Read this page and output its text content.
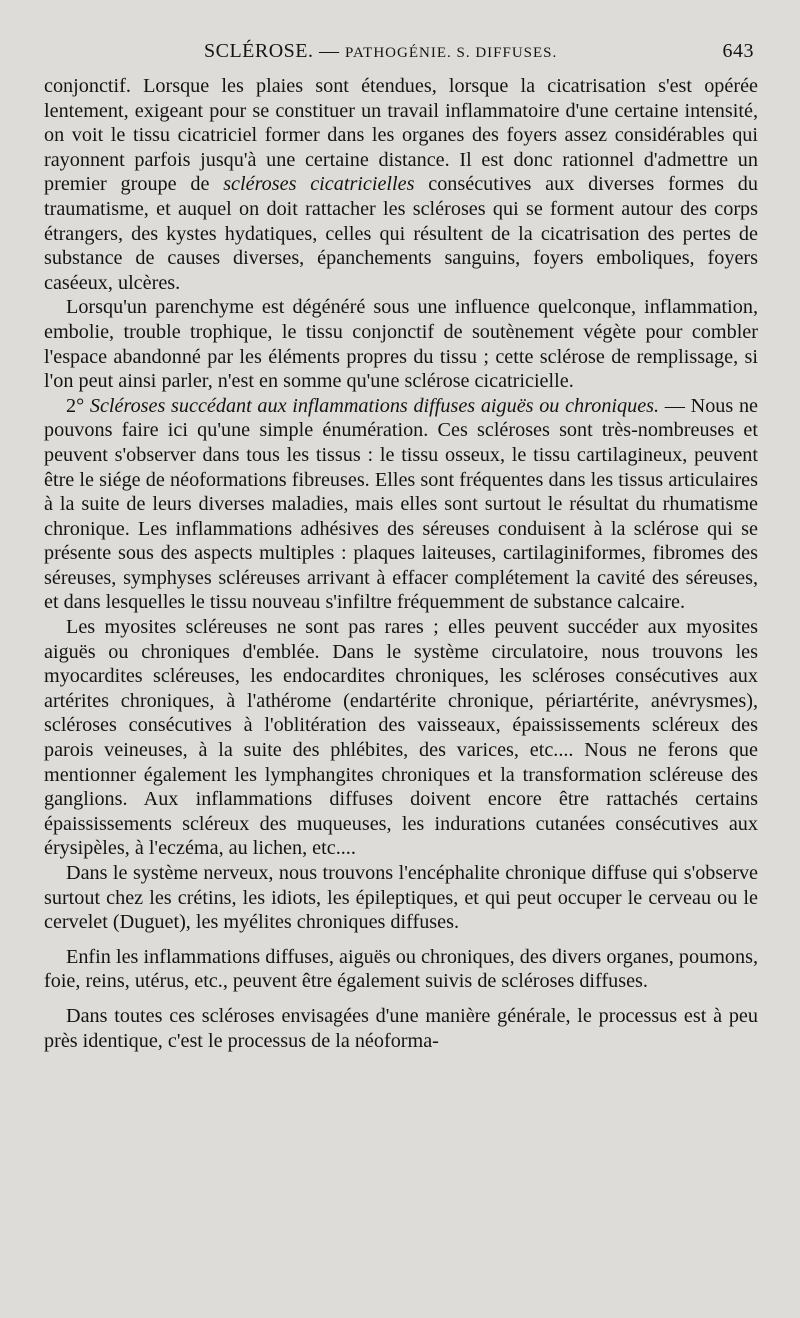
SCLÉROSE. — PATHOGÉNIE. S. DIFFUSES.	643

conjonctif. Lorsque les plaies sont étendues, lorsque la cicatrisation s'est opérée lentement, exigeant pour se constituer un travail inflammatoire d'une certaine intensité, on voit le tissu cicatriciel former dans les organes des foyers assez considérables qui rayonnent parfois jusqu'à une certaine distance. Il est donc rationnel d'admettre un premier groupe de scléroses cicatricielles consécutives aux diverses formes du traumatisme, et auquel on doit rattacher les scléroses qui se forment autour des corps étrangers, des kystes hydatiques, celles qui résultent de la cicatrisation des pertes de substance de causes diverses, épanchements sanguins, foyers emboliques, foyers caséeux, ulcères.

Lorsqu'un parenchyme est dégénéré sous une influence quelconque, inflammation, embolie, trouble trophique, le tissu conjonctif de soutènement végète pour combler l'espace abandonné par les éléments propres du tissu ; cette sclérose de remplissage, si l'on peut ainsi parler, n'est en somme qu'une sclérose cicatricielle.

2° Scléroses succédant aux inflammations diffuses aiguës ou chroniques. — Nous ne pouvons faire ici qu'une simple énumération. Ces scléroses sont très-nombreuses et peuvent s'observer dans tous les tissus : le tissu osseux, le tissu cartilagineux, peuvent être le siége de néoformations fibreuses. Elles sont fréquentes dans les tissus articulaires à la suite de leurs diverses maladies, mais elles sont surtout le résultat du rhumatisme chronique. Les inflammations adhésives des séreuses conduisent à la sclérose qui se présente sous des aspects multiples : plaques laiteuses, cartilaginiformes, fibromes des séreuses, symphyses scléreuses arrivant à effacer complétement la cavité des séreuses, et dans lesquelles le tissu nouveau s'infiltre fréquemment de substance calcaire.

Les myosites scléreuses ne sont pas rares ; elles peuvent succéder aux myosites aiguës ou chroniques d'emblée. Dans le système circulatoire, nous trouvons les myocardites scléreuses, les endocardites chroniques, les scléroses consécutives aux artérites chroniques, à l'athérome (endartérite chronique, périartérite, anévrysmes), scléroses consécutives à l'oblitération des vaisseaux, épaississements scléreux des parois veineuses, à la suite des phlébites, des varices, etc.... Nous ne ferons que mentionner également les lymphangites chroniques et la transformation scléreuse des ganglions. Aux inflammations diffuses doivent encore être rattachés certains épaississements scléreux des muqueuses, les indurations cutanées consécutives aux érysipèles, à l'eczéma, au lichen, etc....

Dans le système nerveux, nous trouvons l'encéphalite chronique diffuse qui s'observe surtout chez les crétins, les idiots, les épileptiques, et qui peut occuper le cerveau ou le cervelet (Duguet), les myélites chroniques diffuses.

Enfin les inflammations diffuses, aiguës ou chroniques, des divers organes, poumons, foie, reins, utérus, etc., peuvent être également suivis de scléroses diffuses.

Dans toutes ces scléroses envisagées d'une manière générale, le processus est à peu près identique, c'est le processus de la néoforma-
